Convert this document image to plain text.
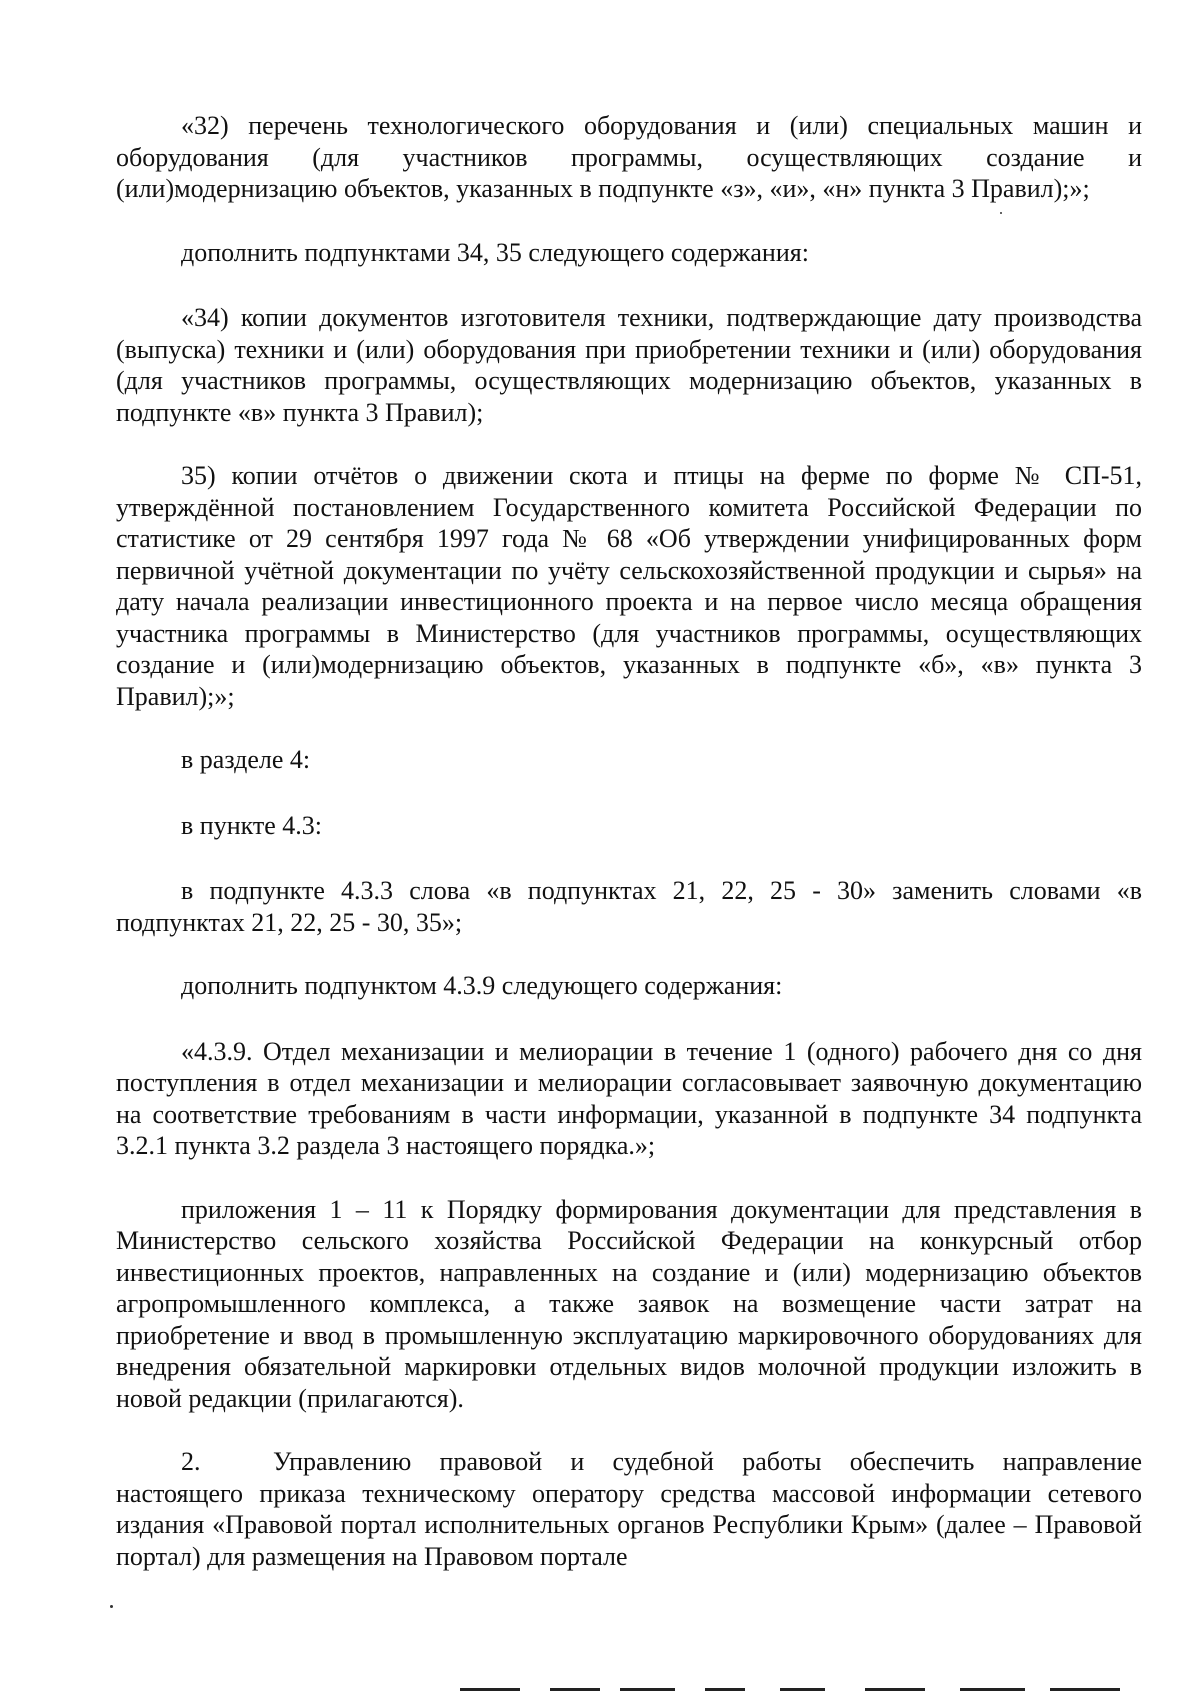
«32) перечень технологического оборудования и (или) специальных машин и оборудования (для участников программы, осуществляющих создание и (или)модернизацию объектов, указанных в подпункте «з», «и», «н» пункта 3 Правил);»;

дополнить подпунктами 34, 35 следующего содержания:

«34) копии документов изготовителя техники, подтверждающие дату производства (выпуска) техники и (или) оборудования при приобретении техники и (или) оборудования (для участников программы, осуществляющих модернизацию объектов, указанных в подпункте «в» пункта 3 Правил);

35) копии отчётов о движении скота и птицы на ферме по форме № СП-51, утверждённой постановлением Государственного комитета Российской Федерации по статистике от 29 сентября 1997 года № 68 «Об утверждении унифицированных форм первичной учётной документации по учёту сельскохозяйственной продукции и сырья» на дату начала реализации инвестиционного проекта и на первое число месяца обращения участника программы в Министерство (для участников программы, осуществляющих создание и (или)модернизацию объектов, указанных в подпункте «б», «в» пункта 3 Правил);»;

в разделе 4:

в пункте 4.3:

в подпункте 4.3.3 слова «в подпунктах 21, 22, 25 - 30» заменить словами «в подпунктах 21, 22, 25 - 30, 35»;

дополнить подпунктом 4.3.9 следующего содержания:

«4.3.9. Отдел механизации и мелиорации в течение 1 (одного) рабочего дня со дня поступления в отдел механизации и мелиорации согласовывает заявочную документацию на соответствие требованиям в части информации, указанной в подпункте 34 подпункта 3.2.1 пункта 3.2 раздела 3 настоящего порядка.»;

приложения 1 – 11 к Порядку формирования документации для представления в Министерство сельского хозяйства Российской Федерации на конкурсный отбор инвестиционных проектов, направленных на создание и (или) модернизацию объектов агропромышленного комплекса, а также заявок на возмещение части затрат на приобретение и ввод в промышленную эксплуатацию маркировочного оборудованиях для внедрения обязательной маркировки отдельных видов молочной продукции изложить в новой редакции (прилагаются).

2.	Управлению правовой и судебной работы обеспечить направление настоящего приказа техническому оператору средства массовой информации сетевого издания «Правовой портал исполнительных органов Республики Крым» (далее – Правовой портал) для размещения на Правовом портале
